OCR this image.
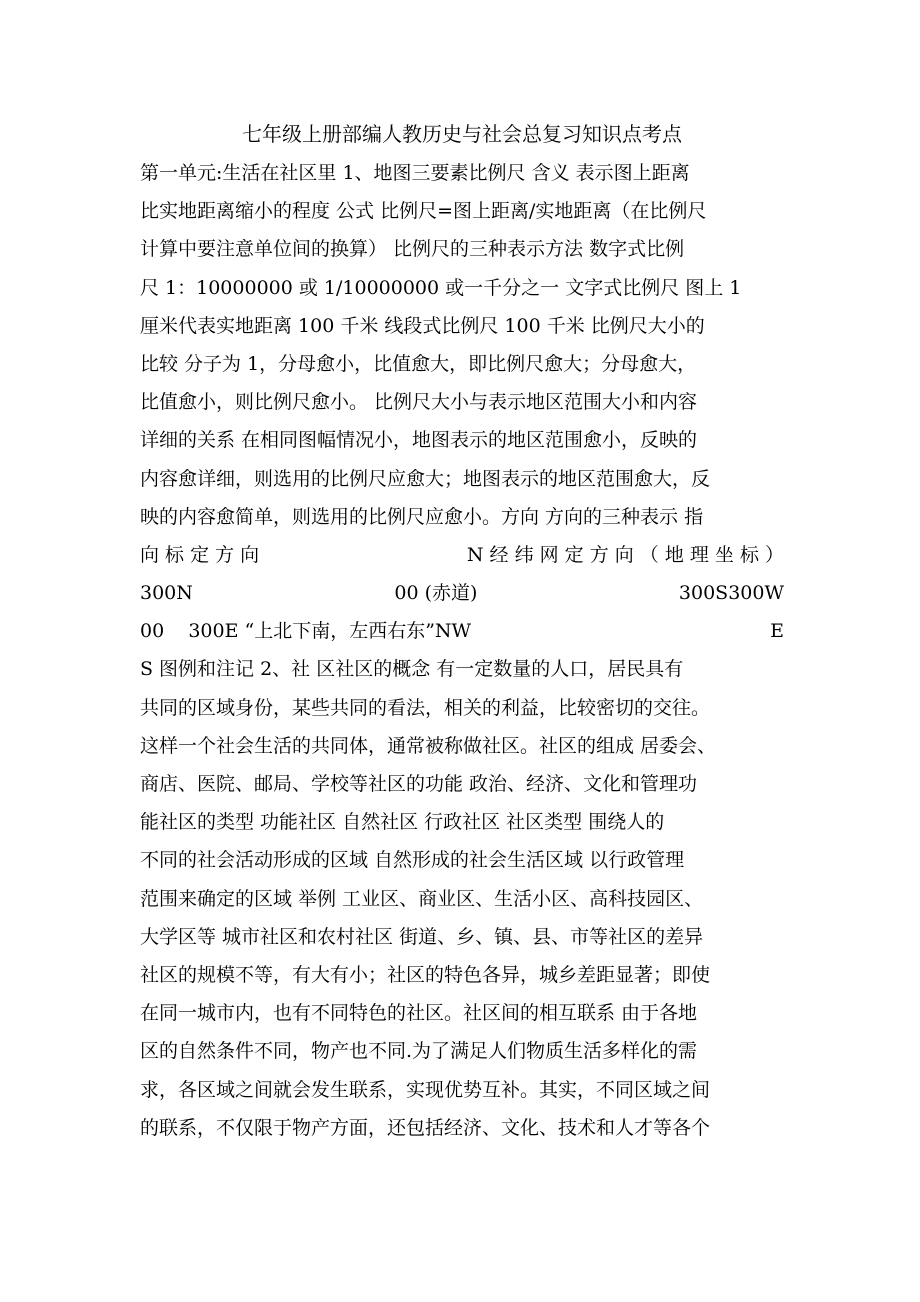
七年级上册部编人教历史与社会总复习知识点考点
第一单元:生活在社区里 1、地图三要素比例尺 含义 表示图上距离
比实地距离缩小的程度 公式 比例尺=图上距离/实地距离（在比例尺
计算中要注意单位间的换算） 比例尺的三种表示方法 数字式比例
尺 1：10000000 或 1/10000000 或一千分之一 文字式比例尺 图上 1
厘米代表实地距离 100 千米 线段式比例尺 100 千米 比例尺大小的
比较 分子为 1，分母愈小，比值愈大，即比例尺愈大；分母愈大，
比值愈小，则比例尺愈小。 比例尺大小与表示地区范围大小和内容
详细的关系 在相同图幅情况小，地图表示的地区范围愈小，反映的
内容愈详细，则选用的比例尺应愈大；地图表示的地区范围愈大，反
映的内容愈简单，则选用的比例尺应愈小。方向 方向的三种表示 指
向 标 定 方 向	N 经 纬 网 定 方 向 （ 地 理 坐 标 ）
300N	00 (赤道)	300S300W
00    300E “上北下南，左西右东”NW	E
S 图例和注记 2、社 区社区的概念 有一定数量的人口，居民具有
共同的区域身份，某些共同的看法，相关的利益，比较密切的交往。
这样一个社会生活的共同体，通常被称做社区。社区的组成 居委会、
商店、医院、邮局、学校等社区的功能 政治、经济、文化和管理功
能社区的类型 功能社区 自然社区 行政社区 社区类型 围绕人的
不同的社会活动形成的区域 自然形成的社会生活区域 以行政管理
范围来确定的区域 举例 工业区、商业区、生活小区、高科技园区、
大学区等 城市社区和农村社区 街道、乡、镇、县、市等社区的差异
社区的规模不等，有大有小；社区的特色各异，城乡差距显著；即使
在同一城市内，也有不同特色的社区。社区间的相互联系 由于各地
区的自然条件不同，物产也不同.为了满足人们物质生活多样化的需
求，各区域之间就会发生联系，实现优势互补。其实，不同区域之间
的联系，不仅限于物产方面，还包括经济、文化、技术和人才等各个
